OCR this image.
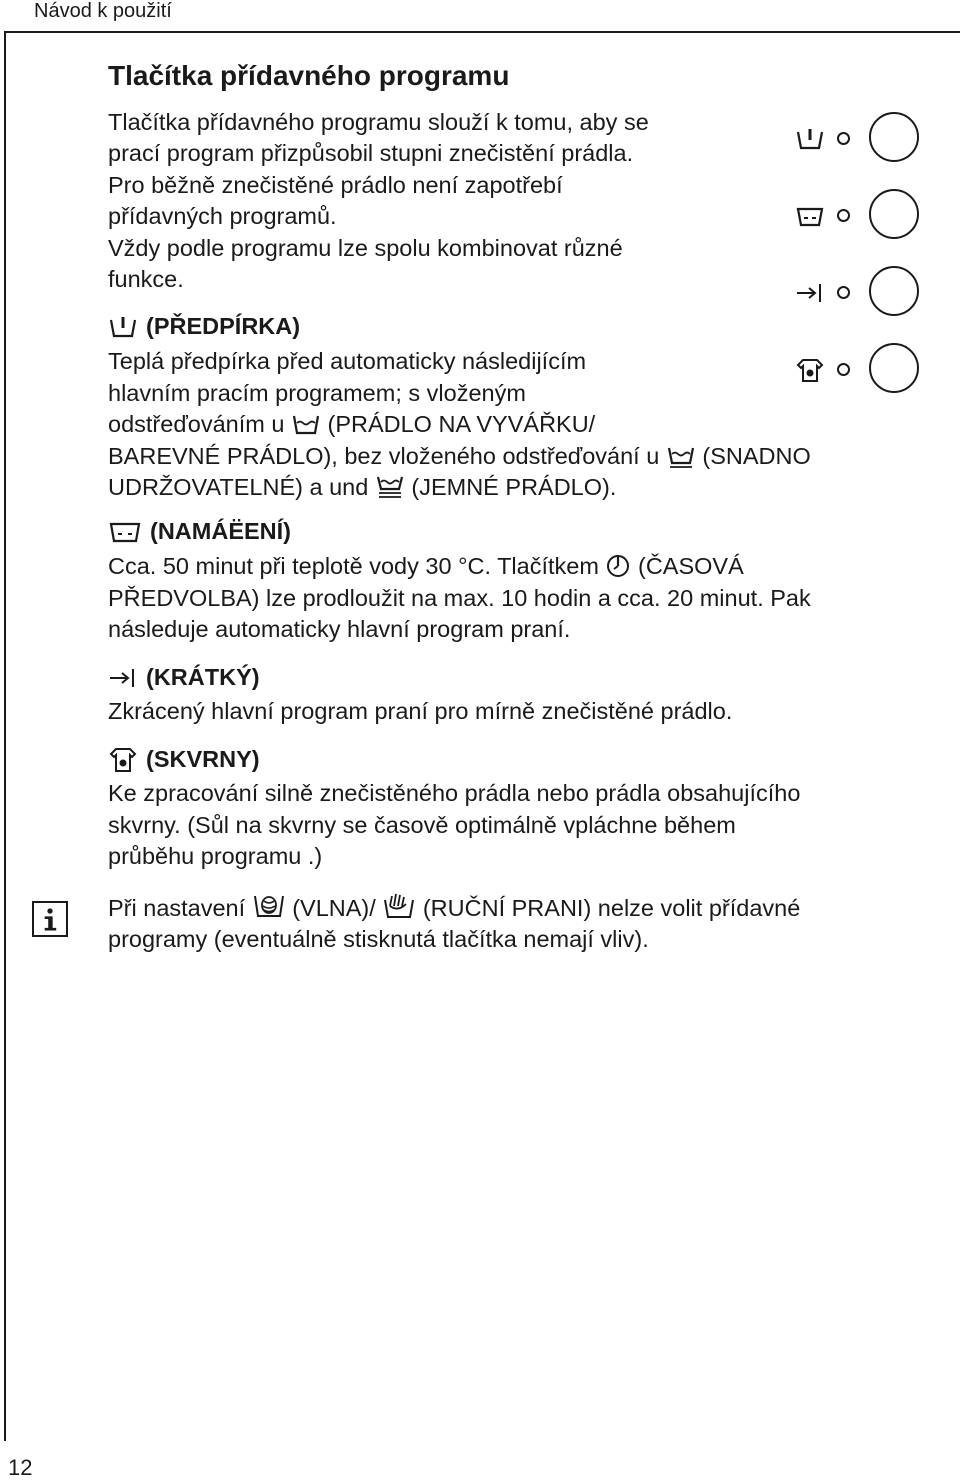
Návod k použití
12
Tlačítka přídavného programu

Tlačítka přídavného programu slouží k tomu, aby se

prací program přizpůsobil stupni znečistění prádla.

Pro běžně znečistěné prádlo není zapotřebí

přídavných programů.

Vždy podle programu lze spolu kombinovat různé

funkce.

(PŘEDPÍRKA)

Teplá předpírka před automaticky následijícím

hlavním pracím programem; s vloženým

odstřeďováním u (PRÁDLO NA VYVÁŘKU/

BAREVNÉ PRÁDLO), bez vloženého odstřeďování u (SNADNO

UDRŽOVATELNÉ) a und (JEMNÉ PRÁDLO).

(NAMÁËENÍ)

Cca. 50 minut při teplotě vody 30 °C. Tlačítkem (ČASOVÁ

PŘEDVOLBA) lze prodloužit na max. 10 hodin a cca. 20 minut. Pak

následuje automaticky hlavní program praní.

(KRÁTKÝ)

Zkrácený hlavní program praní pro mírně znečistěné prádlo.

(SKVRNY)

Ke zpracování silně znečistěného prádla nebo prádla obsahujícího

skvrny. (Sůl na skvrny se časově optimálně vpláchne během

průběhu programu .)

Při nastavení (VLNA)/ (RUČNÍ PRANI) nelze volit přídavné

programy (eventuálně stisknutá tlačítka nemají vliv).
